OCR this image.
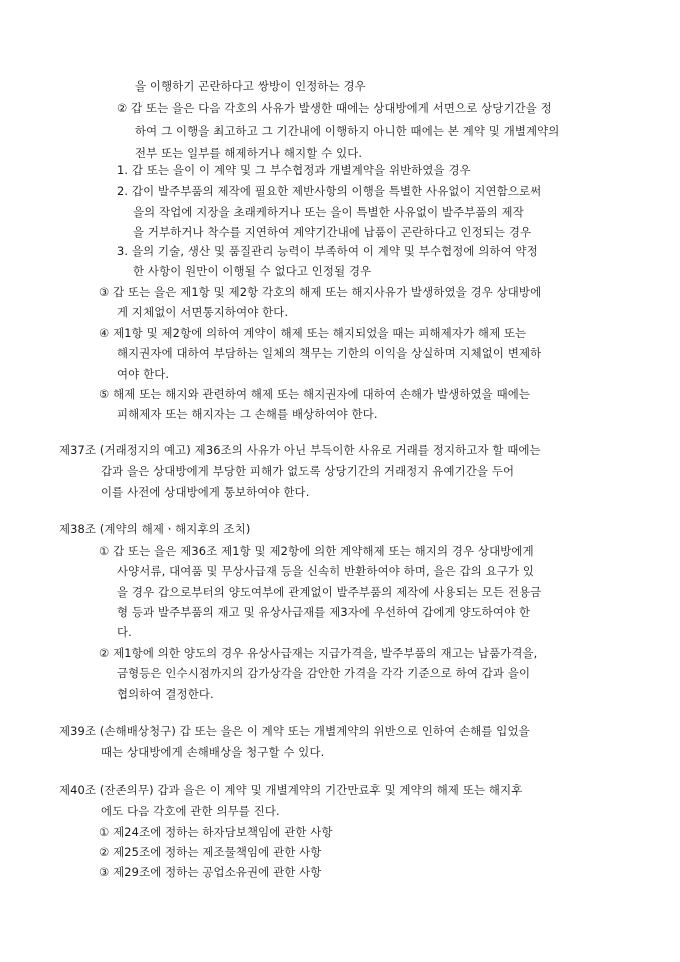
을 이행하기 곤란하다고 쌍방이 인정하는 경우
② 갑 또는 을은 다음 각호의 사유가 발생한 때에는 상대방에게 서면으로 상당기간을 정
하여 그 이행을 최고하고 그 기간내에 이행하지 아니한 때에는 본 계약 및 개별계약의
전부 또는 일부를 해제하거나 해지할 수 있다.
1. 갑 또는 을이 이 계약 및 그 부수협정과 개별계약을 위반하였을 경우
2. 갑이 발주부품의 제작에 필요한 제반사항의 이행을 특별한 사유없이 지연함으로써
을의 작업에 지장을 초래케하거나 또는 을이 특별한 사유없이 발주부품의 제작
을 거부하거나 착수를 지연하여 계약기간내에 납품이 곤란하다고 인정되는 경우
3. 을의 기술, 생산 및 품질관리 능력이 부족하여 이 계약 및 부수협정에 의하여 약정
한 사항이 원만이 이행될 수 없다고 인정될 경우
③ 갑 또는 을은 제1항 및 제2항 각호의 해제 또는 해지사유가 발생하였을 경우 상대방에
게 지체없이 서면통지하여야 한다.
④ 제1항 및 제2항에 의하여 계약이 해제 또는 해지되었을 때는 피해제자가 해제 또는
해지권자에 대하여 부담하는 일체의 책무는 기한의 이익을 상실하며 지체없이 변제하
여야 한다.
⑤ 해제 또는 해지와 관련하여 해제 또는 해지권자에 대하여 손해가 발생하였을 때에는
피해제자 또는 해지자는 그 손해를 배상하여야 한다.
제37조 (거래정지의 예고) 제36조의 사유가 아닌 부득이한 사유로 거래를 정지하고자 할 때에는
갑과 을은 상대방에게 부당한 피해가 없도록 상당기간의 거래정지 유예기간을 두어
이를 사전에 상대방에게 통보하여야 한다.
제38조 (계약의 해제ㆍ해지후의 조치)
① 갑 또는 을은 제36조 제1항 및 제2항에 의한 계약해제 또는 해지의 경우 상대방에게
사양서류, 대여품 및 무상사급재 등을 신속히 반환하여야 하며, 을은 갑의 요구가 있
을 경우 갑으로부터의 양도여부에 관계없이 발주부품의 제작에 사용되는 모든 전용금
형 등과 발주부품의 재고 및 유상사급재를 제3자에 우선하여 갑에게 양도하여야 한
다.
② 제1항에 의한 양도의 경우 유상사급재는 지급가격을, 발주부품의 재고는 납품가격을,
금형등은 인수시점까지의 감가상각을 감안한 가격을 각각 기준으로 하여 갑과 을이
협의하여 결정한다.
제39조 (손해배상청구) 갑 또는 을은 이 계약 또는 개별계약의 위반으로 인하여 손해를 입었을
때는 상대방에게 손해배상을 청구할 수 있다.
제40조 (잔존의무) 갑과 을은 이 계약 및 개별계약의 기간만료후 및 계약의 해제 또는 해지후
에도 다음 각호에 관한 의무를 진다.
① 제24조에 정하는 하자담보책임에 관한 사항
② 제25조에 정하는 제조물책임에 관한 사항
③ 제29조에 정하는 공업소유권에 관한 사항
